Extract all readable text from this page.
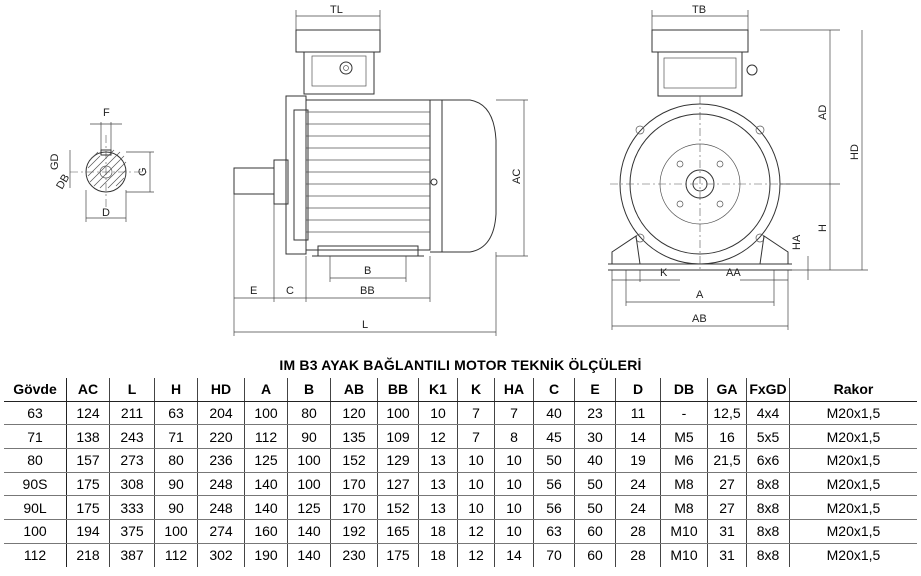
F
GD
DB
G
D
TL
AC
B
E	C	BB
L
TB
AD
HD
H
HA
K	AA
A
AB
IM B3 AYAK BAĞLANTILI MOTOR TEKNİK ÖLÇÜLERİ
Gövde	AC	L	H	HD	A	B	AB	BB	K1	K	HA	C	E	D	DB	GA	FxGD	Rakor
63	124	211	63	204	100	80	120	100	10	7	7	40	23	11	-	12,5	4x4	M20x1,5
71	138	243	71	220	112	90	135	109	12	7	8	45	30	14	M5	16	5x5	M20x1,5
80	157	273	80	236	125	100	152	129	13	10	10	50	40	19	M6	21,5	6x6	M20x1,5
90S	175	308	90	248	140	100	170	127	13	10	10	56	50	24	M8	27	8x8	M20x1,5
90L	175	333	90	248	140	125	170	152	13	10	10	56	50	24	M8	27	8x8	M20x1,5
100	194	375	100	274	160	140	192	165	18	12	10	63	60	28	M10	31	8x8	M20x1,5
112	218	387	112	302	190	140	230	175	18	12	14	70	60	28	M10	31	8x8	M20x1,5
